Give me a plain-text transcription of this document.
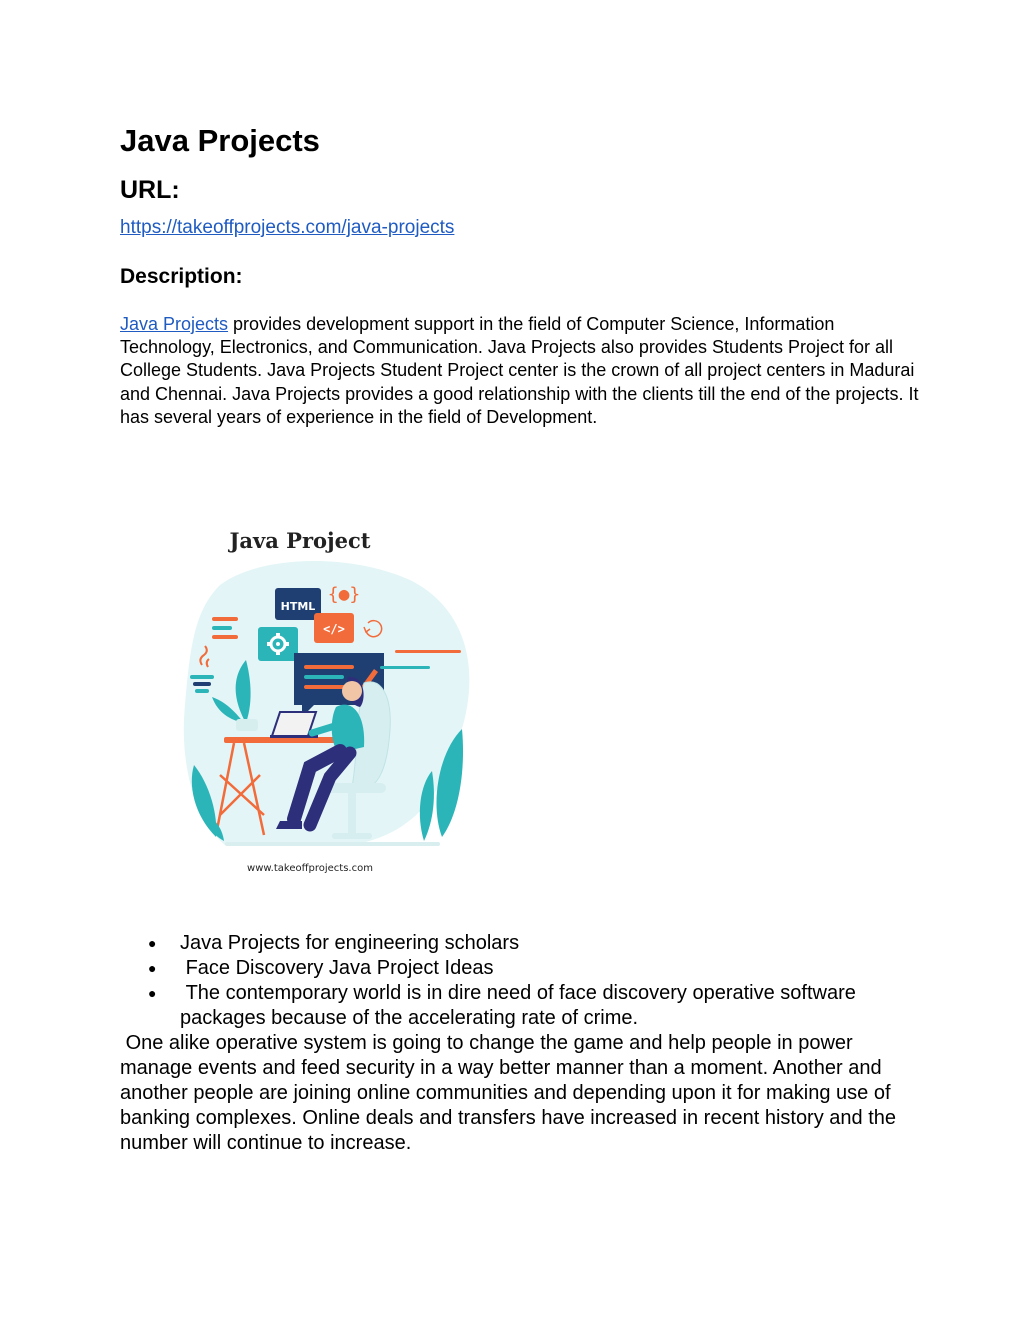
Java Projects
URL:
https://takeoffprojects.com/java-projects
Description:

Java Projects provides development support in the field of Computer Science, Information Technology, Electronics, and Communication. Java Projects also provides Students Project for all College Students. Java Projects Student Project center is the crown of all project centers in Madurai and Chennai. Java Projects provides a good relationship with the clients till the end of the projects. It has several years of experience in the field of Development.

Java Project
HTML
{●}
</>
www.takeoffprojects.com
● Java Projects for engineering scholars
● Face Discovery Java Project Ideas
● The contemporary world is in dire need of face discovery operative software packages because of the accelerating rate of crime.

One alike operative system is going to change the game and help people in power manage events and feed security in a way better manner than a moment. Another and another people are joining online communities and depending upon it for making use of banking complexes. Online deals and transfers have increased in recent history and the number will continue to increase.
